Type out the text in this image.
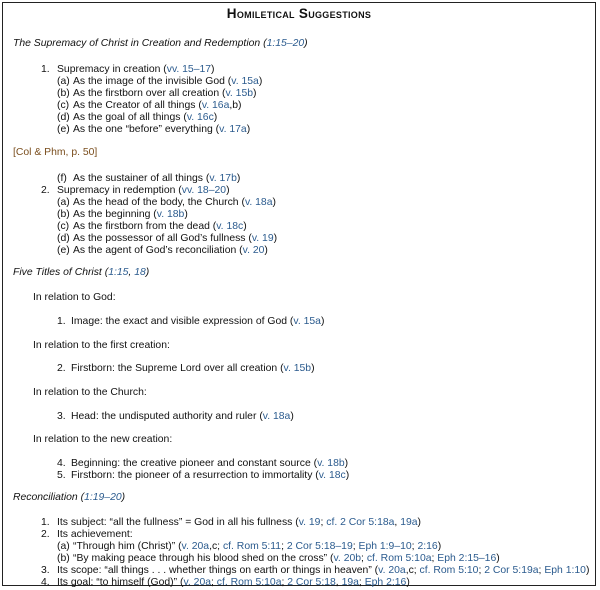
Homiletical Suggestions
The Supremacy of Christ in Creation and Redemption (1:15–20)
1. Supremacy in creation (vv. 15–17)
(a) As the image of the invisible God (v. 15a)
(b) As the firstborn over all creation (v. 15b)
(c) As the Creator of all things (v. 16a,b)
(d) As the goal of all things (v. 16c)
(e) As the one “before” everything (v. 17a)
[Col & Phm, p. 50]
(f) As the sustainer of all things (v. 17b)
2. Supremacy in redemption (vv. 18–20)
(a) As the head of the body, the Church (v. 18a)
(b) As the beginning (v. 18b)
(c) As the firstborn from the dead (v. 18c)
(d) As the possessor of all God’s fullness (v. 19)
(e) As the agent of God’s reconciliation (v. 20)
Five Titles of Christ (1:15, 18)
In relation to God:
1. Image: the exact and visible expression of God (v. 15a)
In relation to the first creation:
2. Firstborn: the Supreme Lord over all creation (v. 15b)
In relation to the Church:
3. Head: the undisputed authority and ruler (v. 18a)
In relation to the new creation:
4. Beginning: the creative pioneer and constant source (v. 18b)
5. Firstborn: the pioneer of a resurrection to immortality (v. 18c)
Reconciliation (1:19–20)
1. Its subject: “all the fullness” = God in all his fullness (v. 19; cf. 2 Cor 5:18a, 19a)
2. Its achievement:
(a) “Through him (Christ)” (v. 20a,c; cf. Rom 5:11; 2 Cor 5:18–19; Eph 1:9–10; 2:16)
(b) “By making peace through his blood shed on the cross” (v. 20b; cf. Rom 5:10a; Eph 2:15–16)
3. Its scope: “all things . . . whether things on earth or things in heaven” (v. 20a,c; cf. Rom 5:10; 2 Cor 5:19a; Eph 1:10)
4. Its goal: “to himself (God)” (v. 20a; cf. Rom 5:10a; 2 Cor 5:18, 19a; Eph 2:16)
